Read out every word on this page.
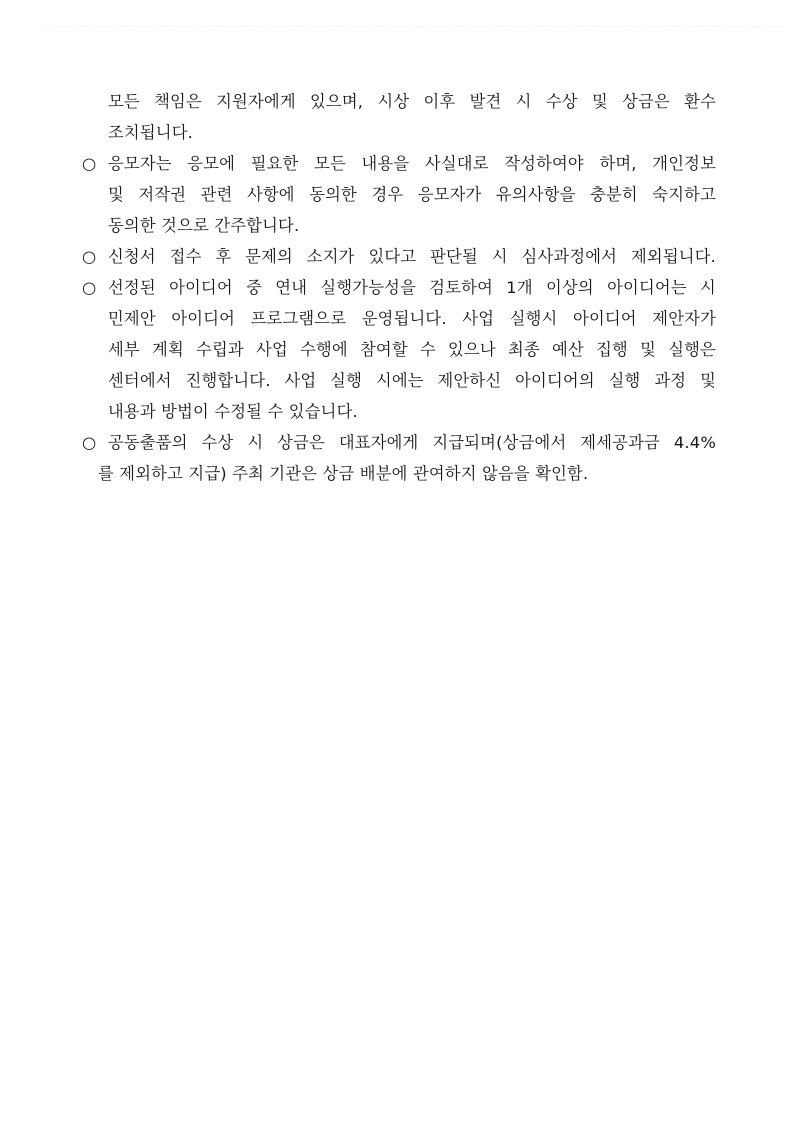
모든 책임은 지원자에게 있으며, 시상 이후 발견 시 수상 및 상금은 환수
조치됩니다.
○ 응모자는 응모에 필요한 모든 내용을 사실대로 작성하여야 하며, 개인정보
및 저작권 관련 사항에 동의한 경우 응모자가 유의사항을 충분히 숙지하고
동의한 것으로 간주합니다.
○ 신청서 접수 후 문제의 소지가 있다고 판단될 시 심사과정에서 제외됩니다.
○ 선정된 아이디어 중 연내 실행가능성을 검토하여 1개 이상의 아이디어는 시
민제안 아이디어 프로그램으로 운영됩니다. 사업 실행시 아이디어 제안자가
세부 계획 수립과 사업 수행에 참여할 수 있으나 최종 예산 집행 및 실행은
센터에서 진행합니다. 사업 실행 시에는 제안하신 아이디어의 실행 과정 및
내용과 방법이 수정될 수 있습니다.
○ 공동출품의 수상 시 상금은 대표자에게 지급되며(상금에서 제세공과금 4.4%
를 제외하고 지급) 주최 기관은 상금 배분에 관여하지 않음을 확인함.
